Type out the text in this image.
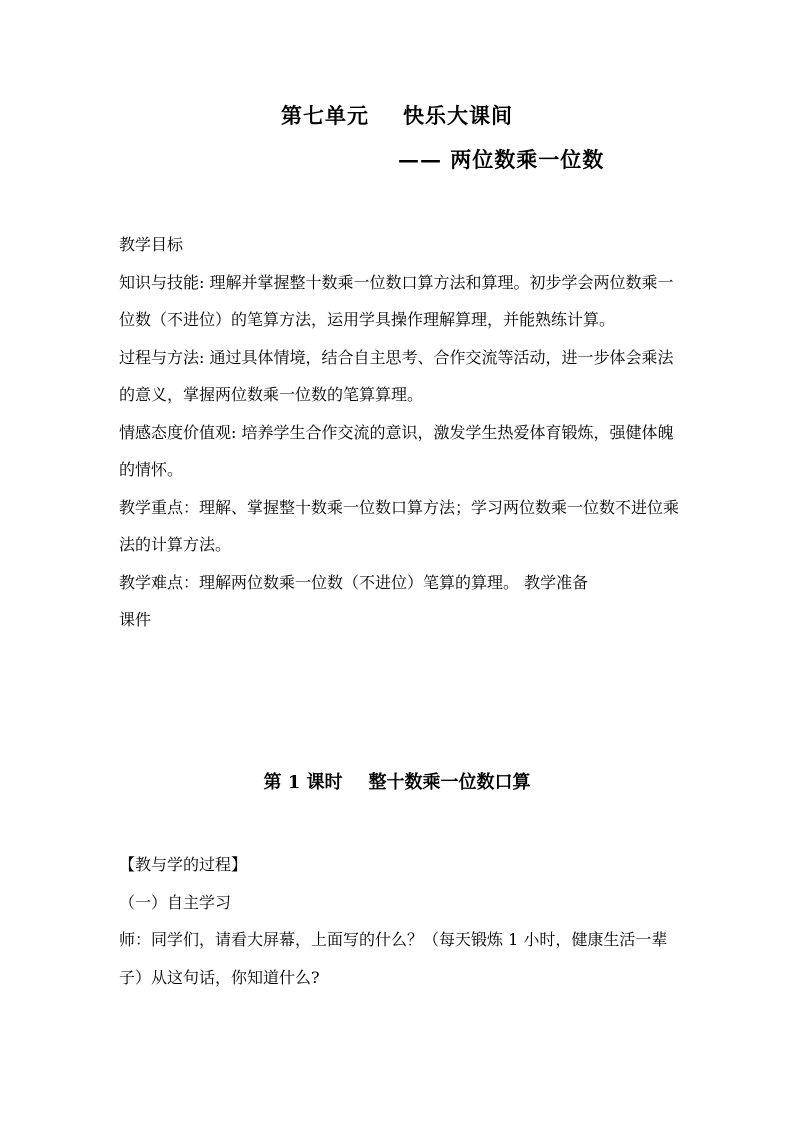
第七单元 快乐大课间
—— 两位数乘一位数

教学目标

知识与技能: 理解并掌握整十数乘一位数口算方法和算理。初步学会两位数乘一位数（不进位）的笔算方法，运用学具操作理解算理，并能熟练计算。

过程与方法: 通过具体情境，结合自主思考、合作交流等活动，进一步体会乘法的意义，掌握两位数乘一位数的笔算算理。

情感态度价值观: 培养学生合作交流的意识，激发学生热爱体育锻炼，强健体魄的情怀。

教学重点：理解、掌握整十数乘一位数口算方法；学习两位数乘一位数不进位乘法的计算方法。

教学难点：理解两位数乘一位数（不进位）笔算的算理。 教学准备
课件

第 1 课时 整十数乘一位数口算

【教与学的过程】

（一）自主学习

师：同学们，请看大屏幕，上面写的什么？（每天锻炼 1 小时，健康生活一辈子）从这句话，你知道什么?
